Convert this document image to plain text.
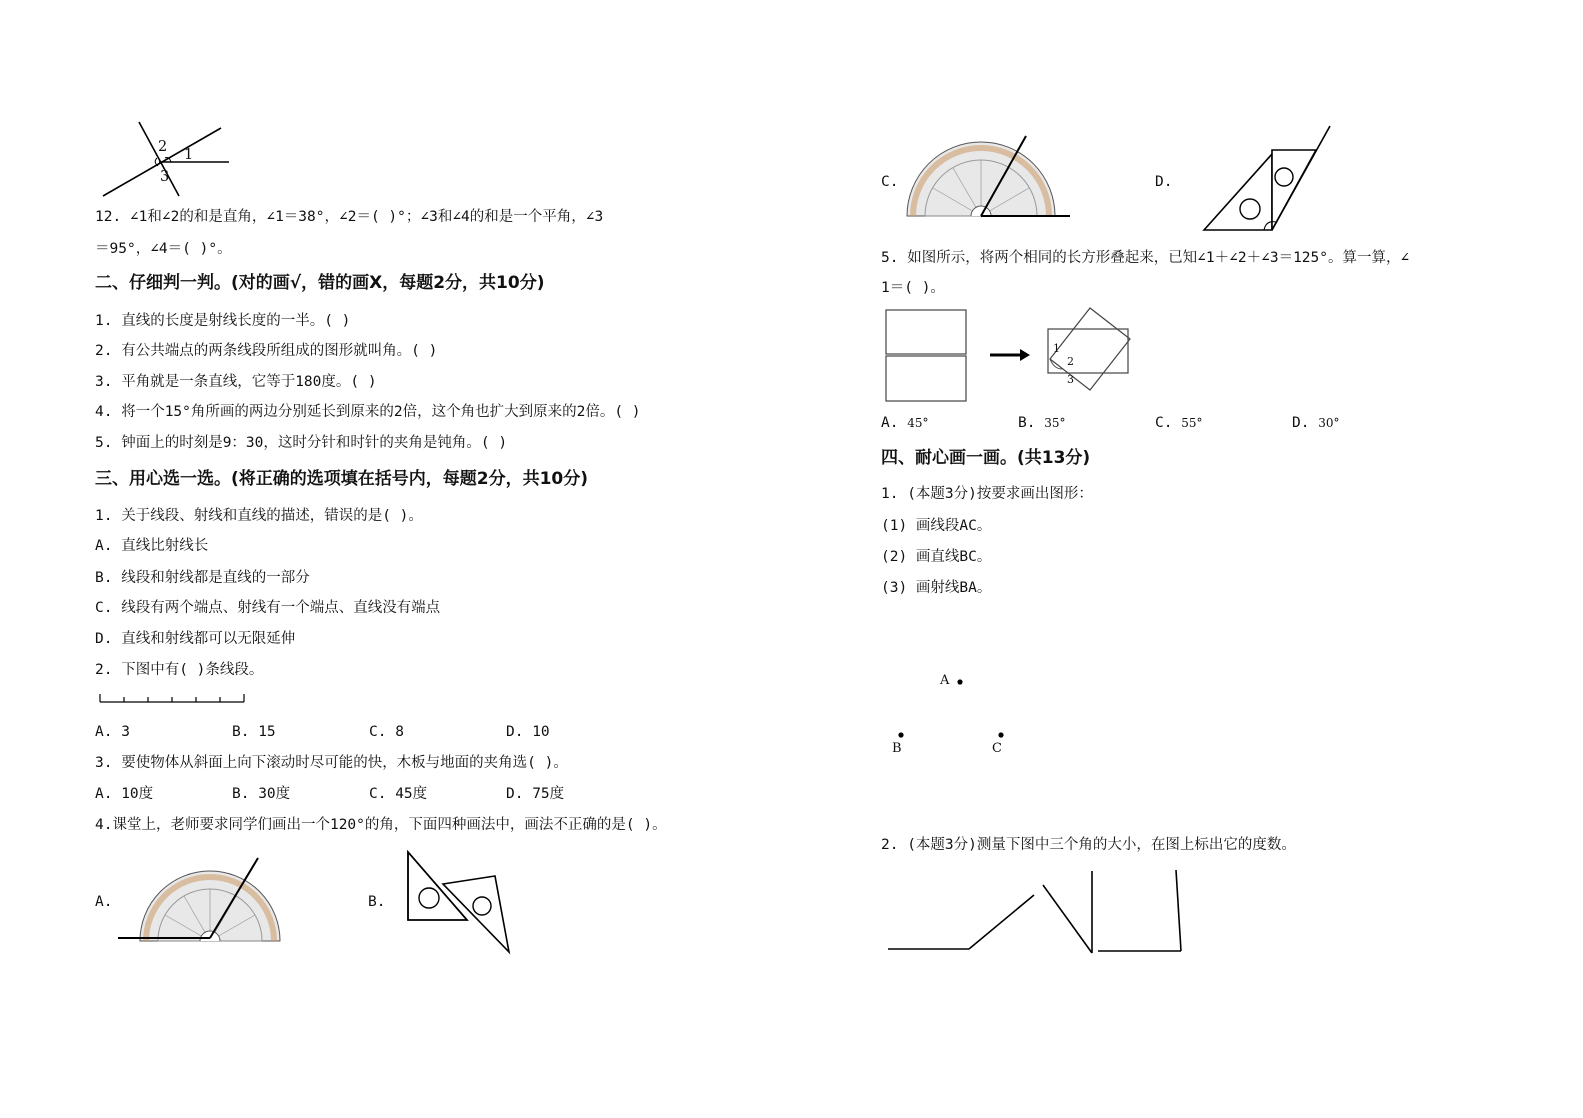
2 1
3
12. ∠1和∠2的和是直角，∠1＝38°，∠2＝( )°；∠3和∠4的和是一个平角，∠3
＝95°，∠4＝( )°。
二、仔细判一判。(对的画√，错的画X，每题2分，共10分)
1. 直线的长度是射线长度的一半。( )
2. 有公共端点的两条线段所组成的图形就叫角。( )
3. 平角就是一条直线，它等于180度。( )
4. 将一个15°角所画的两边分别延长到原来的2倍，这个角也扩大到原来的2倍。( )
5. 钟面上的时刻是9：30，这时分针和时针的夹角是钝角。( )
三、用心选一选。(将正确的选项填在括号内，每题2分，共10分)
1. 关于线段、射线和直线的描述，错误的是( )。
A. 直线比射线长
B. 线段和射线都是直线的一部分
C. 线段有两个端点、射线有一个端点、直线没有端点
D. 直线和射线都可以无限延伸
2. 下图中有( )条线段。
A. 3	B. 15	C. 8	D. 10
3. 要使物体从斜面上向下滚动时尽可能的快，木板与地面的夹角选( )。
A. 10度	B. 30度	C. 45度	D. 75度
4.课堂上，老师要求同学们画出一个120°的角，下面四种画法中，画法不正确的是( )。
A.	B.
C.	D.
5. 如图所示，将两个相同的长方形叠起来，已知∠1＋∠2＋∠3＝125°。算一算，∠
1＝( )。
1
2
3
A. 45°	B. 35°	C. 55°	D. 30°
四、耐心画一画。(共13分)
1. (本题3分)按要求画出图形：
(1) 画线段AC。
(2) 画直线BC。
(3) 画射线BA。
A
B	C
2. (本题3分)测量下图中三个角的大小，在图上标出它的度数。
